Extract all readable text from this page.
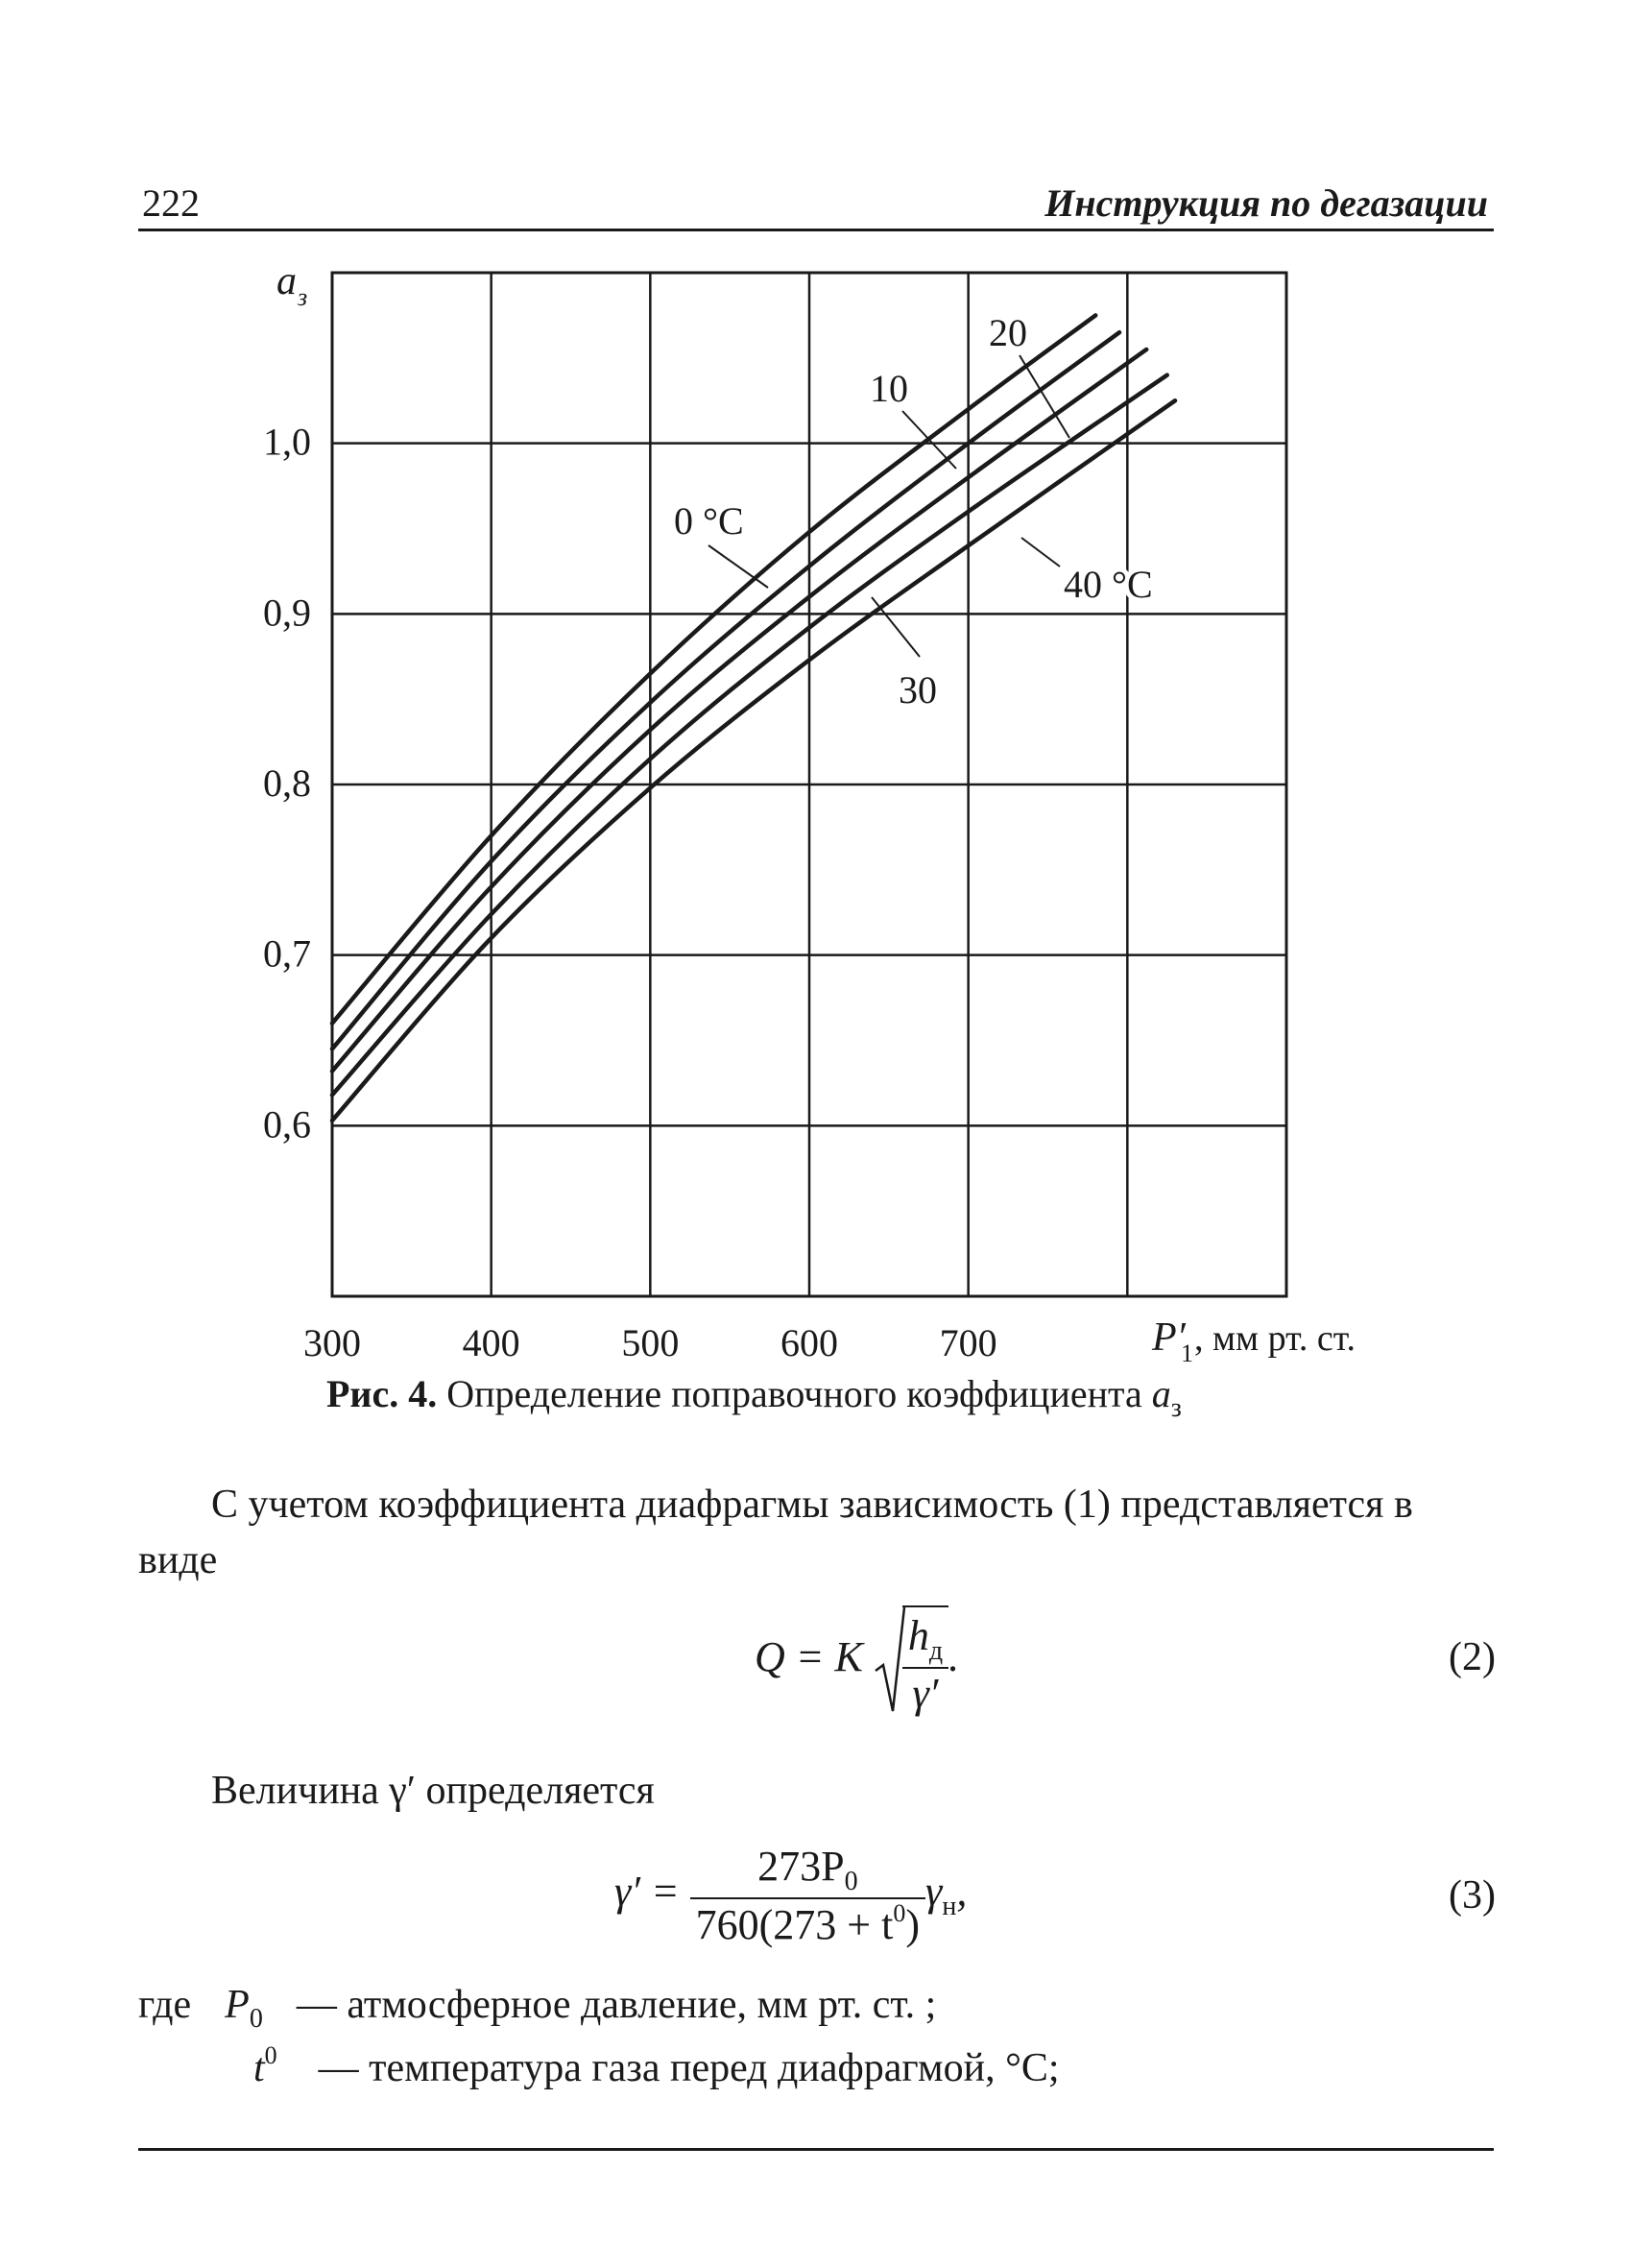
222	Инструкция по дегазации
300	400	500	600	700
0,6
0,7
0,8
0,9
1,0
a з
P′
1 , мм рт. ст.
0 °C
10
20
30
40 °C
Рис. 4. Определение поправочного коэффициента $a_з$
С учетом коэффициента диафрагмы зависимость (1) представляется в виде
Q = K $\frac{h_д}{\gamma'}$ .	(2)
Величина γ′ определяется
$\gamma' = \frac{273P_0}{760(273 + t^0)} \gamma_н$,	(3)
где $P_0$ — атмосферное давление, мм рт. ст. ;
$t^0$ — температура газа перед диафрагмой, °С;
